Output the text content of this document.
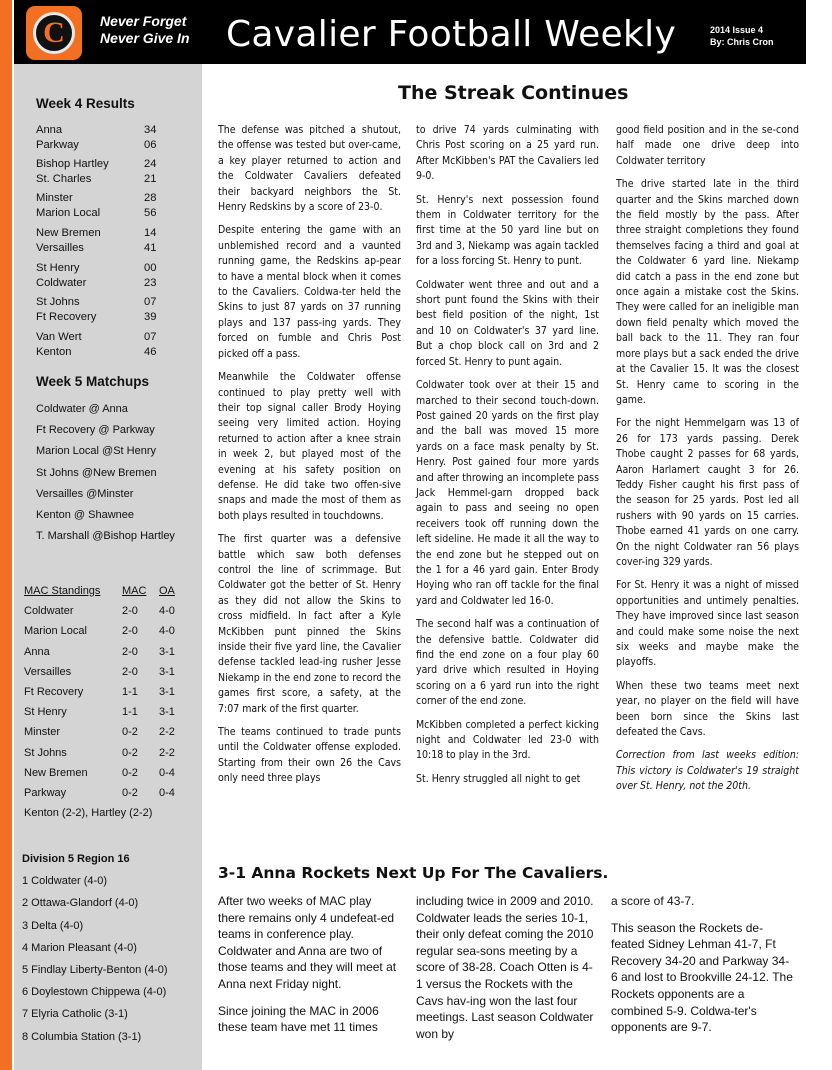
C	Never Forget
Never Give In Cavalier Football Weekly	2014 Issue 4
By: Chris Cron
Week 4 Results
Anna	34
Parkway	06
Bishop Hartley	24
St. Charles	21
Minster	28
Marion Local	56
New Bremen	14
Versailles	41
St Henry	00
Coldwater	23
St Johns	07
Ft Recovery	39
Van Wert	07
Kenton	46
Week 5 Matchups
Coldwater @ Anna
Ft Recovery @ Parkway
Marion Local @St Henry
St Johns @New Bremen
Versailles @Minster
Kenton @ Shawnee
T. Marshall @Bishop Hartley
MAC Standings MAC OA
Coldwater	2-0 4-0
Marion Local	2-0 4-0
Anna	2-0 3-1
Versailles	2-0 3-1
Ft Recovery	1-1 3-1
St Henry	1-1 3-1
Minster	0-2 2-2
St Johns	0-2 2-2
New Bremen	0-2 0-4
Parkway	0-2 0-4
Kenton (2-2), Hartley (2-2)
Division 5 Region 16
1 Coldwater (4-0)
2 Ottawa-Glandorf (4-0)
3 Delta (4-0)
4 Marion Pleasant (4-0)
5 Findlay Liberty-Benton (4-0)
6 Doylestown Chippewa (4-0)
7 Elyria Catholic (3-1)
8 Columbia Station (3-1)
The Streak Continues

The defense was pitched a shutout, the offense was tested but over-came, a key player returned to action and the Coldwater Cavaliers defeated their backyard neighbors the St. Henry Redskins by a score of 23-0.

Despite entering the game with an unblemished record and a vaunted running game, the Redskins ap-pear to have a mental block when it comes to the Cavaliers. Coldwa-ter held the Skins to just 87 yards on 37 running plays and 137 pass-ing yards. They forced on fumble and Chris Post picked off a pass.

Meanwhile the Coldwater offense continued to play pretty well with their top signal caller Brody Hoying seeing very limited action. Hoying returned to action after a knee strain in week 2, but played most of the evening at his safety position on defense. He did take two offen-sive snaps and made the most of them as both plays resulted in touchdowns.

The first quarter was a defensive battle which saw both defenses control the line of scrimmage. But Coldwater got the better of St. Henry as they did not allow the Skins to cross midfield. In fact after a Kyle McKibben punt pinned the Skins inside their five yard line, the Cavalier defense tackled lead-ing rusher Jesse Niekamp in the end zone to record the games first score, a safety, at the 7:07 mark of the first quarter.

The teams continued to trade punts until the Coldwater offense exploded. Starting from their own 26 the Cavs only need three plays

to drive 74 yards culminating with Chris Post scoring on a 25 yard run. After McKibben's PAT the Cavaliers led 9-0.

St. Henry's next possession found them in Coldwater territory for the first time at the 50 yard line but on 3rd and 3, Niekamp was again tackled for a loss forcing St. Henry to punt.

Coldwater went three and out and a short punt found the Skins with their best field position of the night, 1st and 10 on Coldwater's 37 yard line. But a chop block call on 3rd and 2 forced St. Henry to punt again.

Coldwater took over at their 15 and marched to their second touch-down. Post gained 20 yards on the first play and the ball was moved 15 more yards on a face mask penalty by St. Henry. Post gained four more yards and after throwing an incomplete pass Jack Hemmel-garn dropped back again to pass and seeing no open receivers took off running down the left sideline. He made it all the way to the end zone but he stepped out on the 1 for a 46 yard gain. Enter Brody Hoying who ran off tackle for the final yard and Coldwater led 16-0.

The second half was a continuation of the defensive battle. Coldwater did find the end zone on a four play 60 yard drive which resulted in Hoying scoring on a 6 yard run into the right corner of the end zone.

McKibben completed a perfect kicking night and Coldwater led 23-0 with 10:18 to play in the 3rd.

St. Henry struggled all night to get

good field position and in the se-cond half made one drive deep into Coldwater territory

The drive started late in the third quarter and the Skins marched down the field mostly by the pass. After three straight completions they found themselves facing a third and goal at the Coldwater 6 yard line. Niekamp did catch a pass in the end zone but once again a mistake cost the Skins. They were called for an ineligible man down field penalty which moved the ball back to the 11. They ran four more plays but a sack ended the drive at the Cavalier 15. It was the closest St. Henry came to scoring in the game.

For the night Hemmelgarn was 13 of 26 for 173 yards passing. Derek Thobe caught 2 passes for 68 yards, Aaron Harlamert caught 3 for 26. Teddy Fisher caught his first pass of the season for 25 yards. Post led all rushers with 90 yards on 15 carries. Thobe earned 41 yards on one carry. On the night Coldwater ran 56 plays cover-ing 329 yards.

For St. Henry it was a night of missed opportunities and untimely penalties. They have improved since last season and could make some noise the next six weeks and maybe make the playoffs.

When these two teams meet next year, no player on the field will have been born since the Skins last defeated the Cavs.

Correction from last weeks edition: This victory is Coldwater's 19 straight over St. Henry, not the 20th.

3-1 Anna Rockets Next Up For The Cavaliers.

After two weeks of MAC play there remains only 4 undefeat-ed teams in conference play. Coldwater and Anna are two of those teams and they will meet at Anna next Friday night.

Since joining the MAC in 2006 these team have met 11 times

including twice in 2009 and 2010. Coldwater leads the series 10-1, their only defeat coming the 2010 regular sea-sons meeting by a score of 38-28. Coach Otten is 4-1 versus the Rockets with the Cavs hav-ing won the last four meetings. Last season Coldwater won by

a score of 43-7.

This season the Rockets de-feated Sidney Lehman 41-7, Ft Recovery 34-20 and Parkway 34-6 and lost to Brookville 24-12. The Rockets opponents are a combined 5-9. Coldwa-ter's opponents are 9-7.
